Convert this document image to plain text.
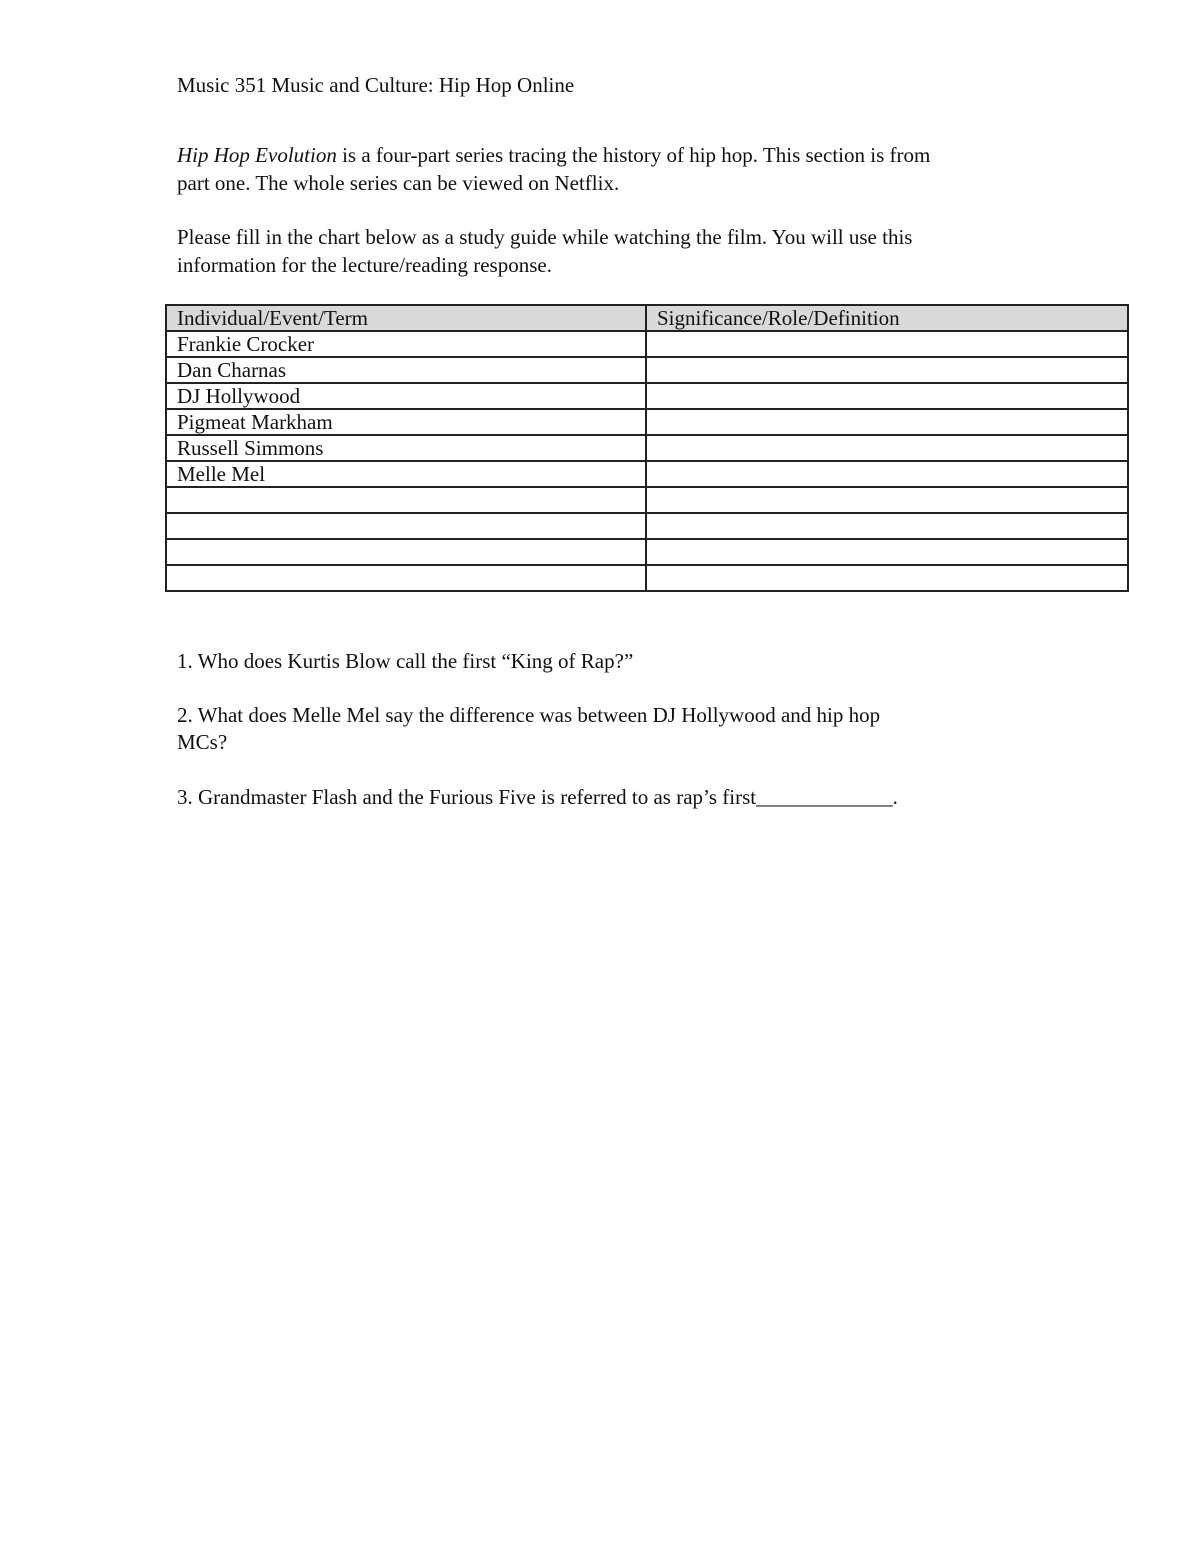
Music 351 Music and Culture: Hip Hop Online
Hip Hop Evolution is a four-part series tracing the history of hip hop. This section is from
part one. The whole series can be viewed on Netflix.
Please fill in the chart below as a study guide while watching the film. You will use this
information for the lecture/reading response.
Individual/Event/Term	Significance/Role/Definition
Frankie Crocker	
Dan Charnas	
DJ Hollywood	
Pigmeat Markham	
Russell Simmons	
Melle Mel	

1. Who does Kurtis Blow call the first “King of Rap?”
2. What does Melle Mel say the difference was between DJ Hollywood and hip hop
MCs?
3. Grandmaster Flash and the Furious Five is referred to as rap’s first_____________.
